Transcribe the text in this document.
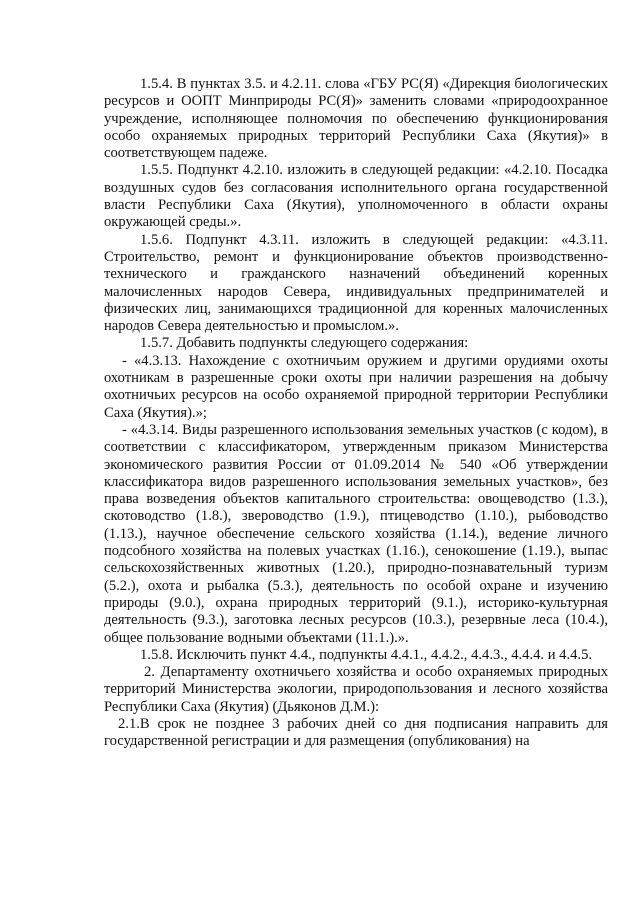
1.5.4. В пунктах 3.5. и 4.2.11. слова «ГБУ РС(Я) «Дирекция биологических ресурсов и ООПТ Минприроды РС(Я)» заменить словами «природоохранное учреждение, исполняющее полномочия по обеспечению функционирования особо охраняемых природных территорий Республики Саха (Якутия)» в соответствующем падеже.

1.5.5. Подпункт 4.2.10. изложить в следующей редакции: «4.2.10. Посадка воздушных судов без согласования исполнительного органа государственной власти Республики Саха (Якутия), уполномоченного в области охраны окружающей среды.».

1.5.6. Подпункт 4.3.11. изложить в следующей редакции: «4.3.11. Строительство, ремонт и функционирование объектов производственно-технического и гражданского назначений объединений коренных малочисленных народов Севера, индивидуальных предпринимателей и физических лиц, занимающихся традиционной для коренных малочисленных народов Севера деятельностью и промыслом.».

1.5.7. Добавить подпункты следующего содержания:

- «4.3.13. Нахождение с охотничьим оружием и другими орудиями охоты охотникам в разрешенные сроки охоты при наличии разрешения на добычу охотничьих ресурсов на особо охраняемой природной территории Республики Саха (Якутия).»;

- «4.3.14. Виды разрешенного использования земельных участков (с кодом), в соответствии с классификатором, утвержденным приказом Министерства экономического развития России от 01.09.2014 № 540 «Об утверждении классификатора видов разрешенного использования земельных участков», без права возведения объектов капитального строительства: овощеводство (1.3.), скотоводство (1.8.), звероводство (1.9.), птицеводство (1.10.), рыбоводство (1.13.), научное обеспечение сельского хозяйства (1.14.), ведение личного подсобного хозяйства на полевых участках (1.16.), сенокошение (1.19.), выпас сельскохозяйственных животных (1.20.), природно-познавательный туризм (5.2.), охота и рыбалка (5.3.), деятельность по особой охране и изучению природы (9.0.), охрана природных территорий (9.1.), историко-культурная деятельность (9.3.), заготовка лесных ресурсов (10.3.), резервные леса (10.4.), общее пользование водными объектами (11.1.).».

1.5.8. Исключить пункт 4.4., подпункты 4.4.1., 4.4.2., 4.4.3., 4.4.4. и 4.4.5.

2. Департаменту охотничьего хозяйства и особо охраняемых природных территорий Министерства экологии, природопользования и лесного хозяйства Республики Саха (Якутия) (Дьяконов Д.М.):

2.1.В срок не позднее 3 рабочих дней со дня подписания направить для государственной регистрации и для размещения (опубликования) на
